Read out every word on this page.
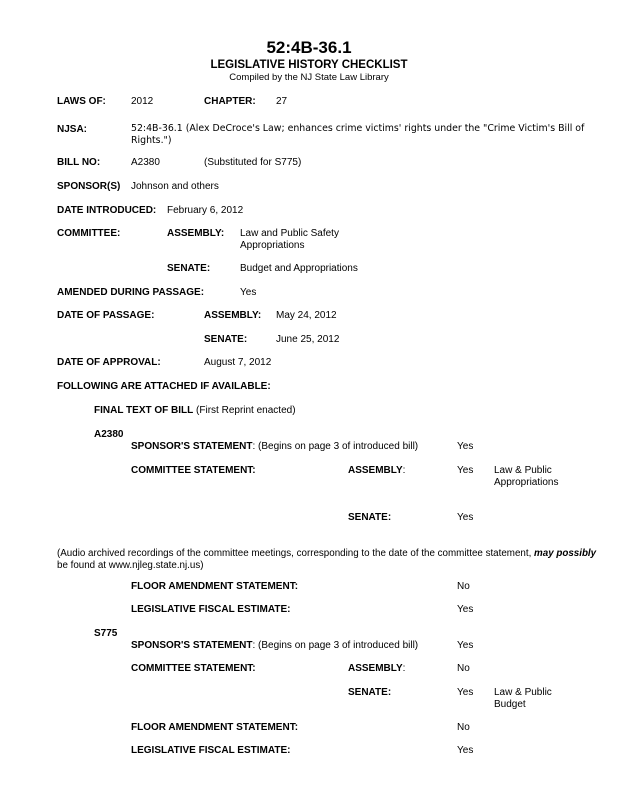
52:4B-36.1
LEGISLATIVE HISTORY CHECKLIST
Compiled by the NJ State Law Library
LAWS OF:	2012	CHAPTER: 27
NJSA:	52:4B-36.1 (Alex DeCroce's Law; enhances crime victims' rights under the "Crime Victim's Bill of Rights.")
BILL NO:	A2380	(Substituted for S775)
SPONSOR(S) Johnson and others
DATE INTRODUCED: February 6, 2012
COMMITTEE:	ASSEMBLY: Law and Public Safety
Appropriations
SENATE:	Budget and Appropriations
AMENDED DURING PASSAGE:	Yes
DATE OF PASSAGE:	ASSEMBLY: May 24, 2012
SENATE:	June 25, 2012
DATE OF APPROVAL:	August 7, 2012
FOLLOWING ARE ATTACHED IF AVAILABLE:
FINAL TEXT OF BILL (First Reprint enacted)
A2380
SPONSOR'S STATEMENT: (Begins on page 3 of introduced bill)	Yes
COMMITTEE STATEMENT:	ASSEMBLY:	Yes Law & Public
Appropriations
SENATE:	Yes
(Audio archived recordings of the committee meetings, corresponding to the date of the committee statement, may possibly
be found at www.njleg.state.nj.us)
FLOOR AMENDMENT STATEMENT:	No
LEGISLATIVE FISCAL ESTIMATE:	Yes
S775
SPONSOR'S STATEMENT: (Begins on page 3 of introduced bill)	Yes
COMMITTEE STATEMENT:	ASSEMBLY:	No
SENATE:	Yes Law & Public
Budget
FLOOR AMENDMENT STATEMENT:	No
LEGISLATIVE FISCAL ESTIMATE:	Yes
